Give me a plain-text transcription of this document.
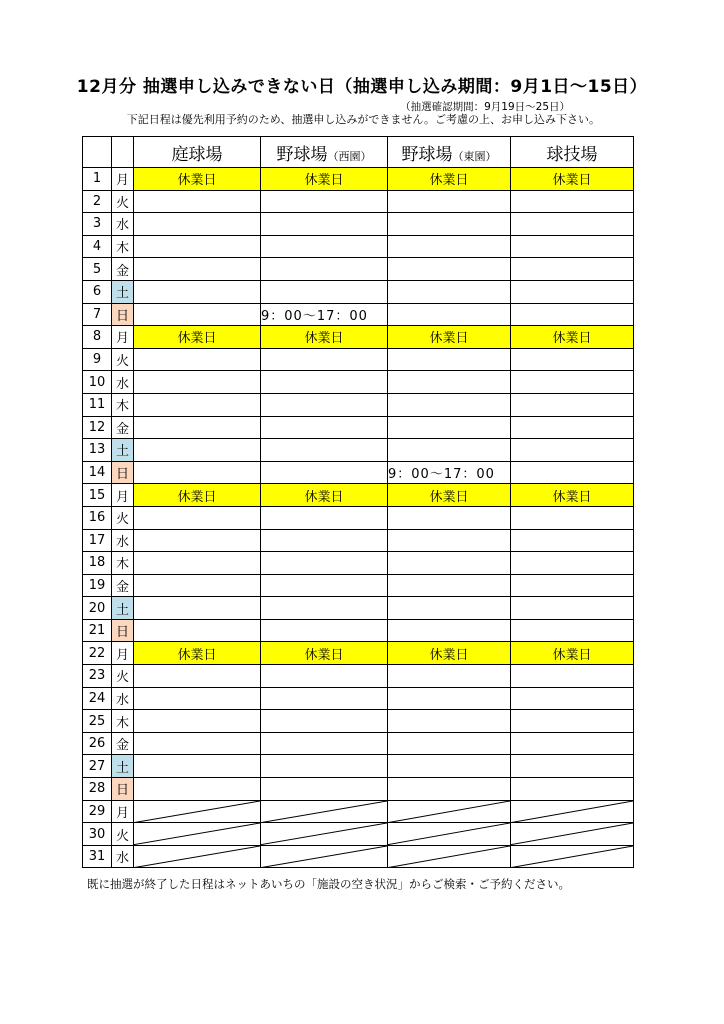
12月分 抽選申し込みできない日（抽選申し込み期間：9月1日～15日）
（抽選確認期間：9月19日～25日）
下記日程は優先利用予約のため、抽選申し込みができません。ご考慮の上、お申し込み下さい。
		庭球場	野球場（西園）	野球場（東園）	球技場
1	月	休業日	休業日	休業日	休業日
2	火				
3	水				
4	木				
5	金				
6	土				
7	日		9：00～17：00		
8	月	休業日	休業日	休業日	休業日
9	火				
10	水				
11	木				
12	金				
13	土				
14	日			9：00～17：00	
15	月	休業日	休業日	休業日	休業日
16	火				
17	水				
18	木				
19	金				
20	土				
21	日				
22	月	休業日	休業日	休業日	休業日
23	火				
24	水				
25	木				
26	金				
27	土				
28	日				
29	月	

30	火	

31	水	

既に抽選が終了した日程はネットあいちの「施設の空き状況」からご検索・ご予約ください。
